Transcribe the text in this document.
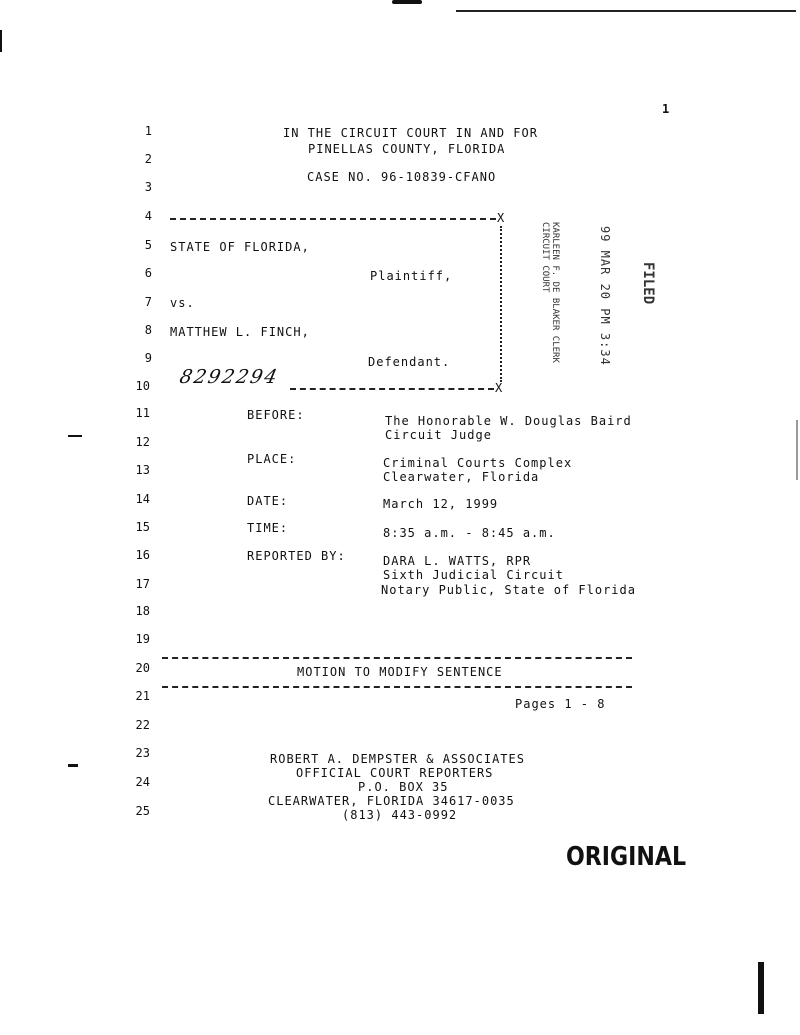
1
1
2
3
4
5
6
7
8
9
10
11
12
13
14
15
16
17
18
19
20
21
22
23
24
25
IN THE CIRCUIT COURT IN AND FOR
PINELLAS COUNTY, FLORIDA
CASE NO. 96-10839-CFANO
X
X
STATE OF FLORIDA,
Plaintiff,
vs.
MATTHEW L. FINCH,
Defendant.
8292294
KARLEEN F. DE BLAKER CLERK CIRCUIT COURT	99 MAR 20 PM 3:34 FILED
BEFORE:	The Honorable W. Douglas Baird
Circuit Judge
PLACE:	Criminal Courts Complex
Clearwater, Florida
DATE:	March 12, 1999
TIME:	8:35 a.m. - 8:45 a.m.
REPORTED BY:	DARA L. WATTS, RPR
Sixth Judicial Circuit
Notary Public, State of Florida
MOTION TO MODIFY SENTENCE
Pages 1 - 8
ROBERT A. DEMPSTER & ASSOCIATES
OFFICIAL COURT REPORTERS
P.O. BOX 35
CLEARWATER, FLORIDA 34617-0035
(813) 443-0992
ORIGINAL
